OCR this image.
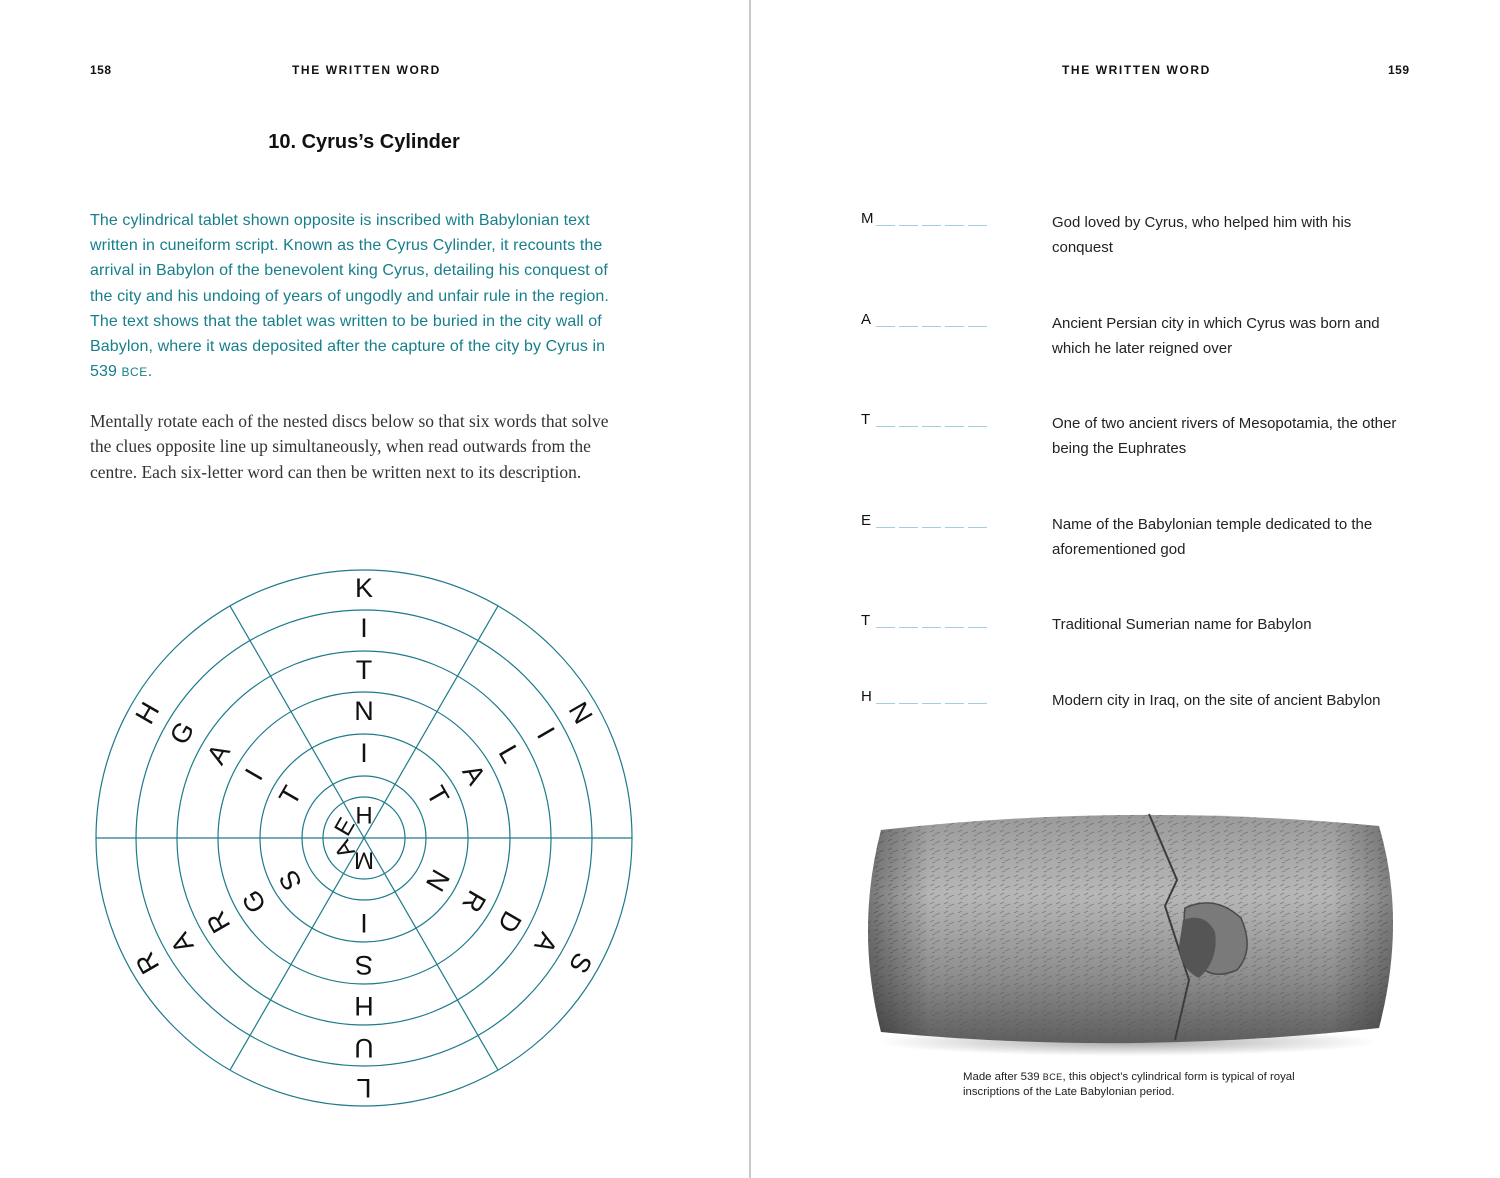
158	THE WRITTEN WORD
10. Cyrus’s Cylinder

The cylindrical tablet shown opposite is inscribed with Babylonian text written in cuneiform script. Known as the Cyrus Cylinder, it recounts the arrival in Babylon of the benevolent king Cyrus, detailing his conquest of the city and his undoing of years of ungodly and unfair rule in the region. The text shows that the tablet was written to be buried in the city wall of Babylon, where it was deposited after the capture of the city by Cyrus in 539 BCE.

Mentally rotate each of the nested discs below so that six words that solve the clues opposite line up simultaneously, when read outwards from the centre. Each six-letter word can then be written next to its description.

M
A
E
H
I
S
T
I
T
N
S
G
I
N
A
R
H
R
A
T
L
D
U
A
G
I
I
A
L
R
H
K
N
S
THE WRITTEN WORD	159
M	God loved by Cyrus, who helped him with his conquest
A	Ancient Persian city in which Cyrus was born and which he later reigned over
T	One of two ancient rivers of Mesopotamia, the other being the Euphrates
E	Name of the Babylonian temple dedicated to the aforementioned god
T	Traditional Sumerian name for Babylon
H	Modern city in Iraq, on the site of ancient Babylon
Made after 539 BCE, this object’s cylindrical form is typical of royal inscriptions of the Late Babylonian period.
